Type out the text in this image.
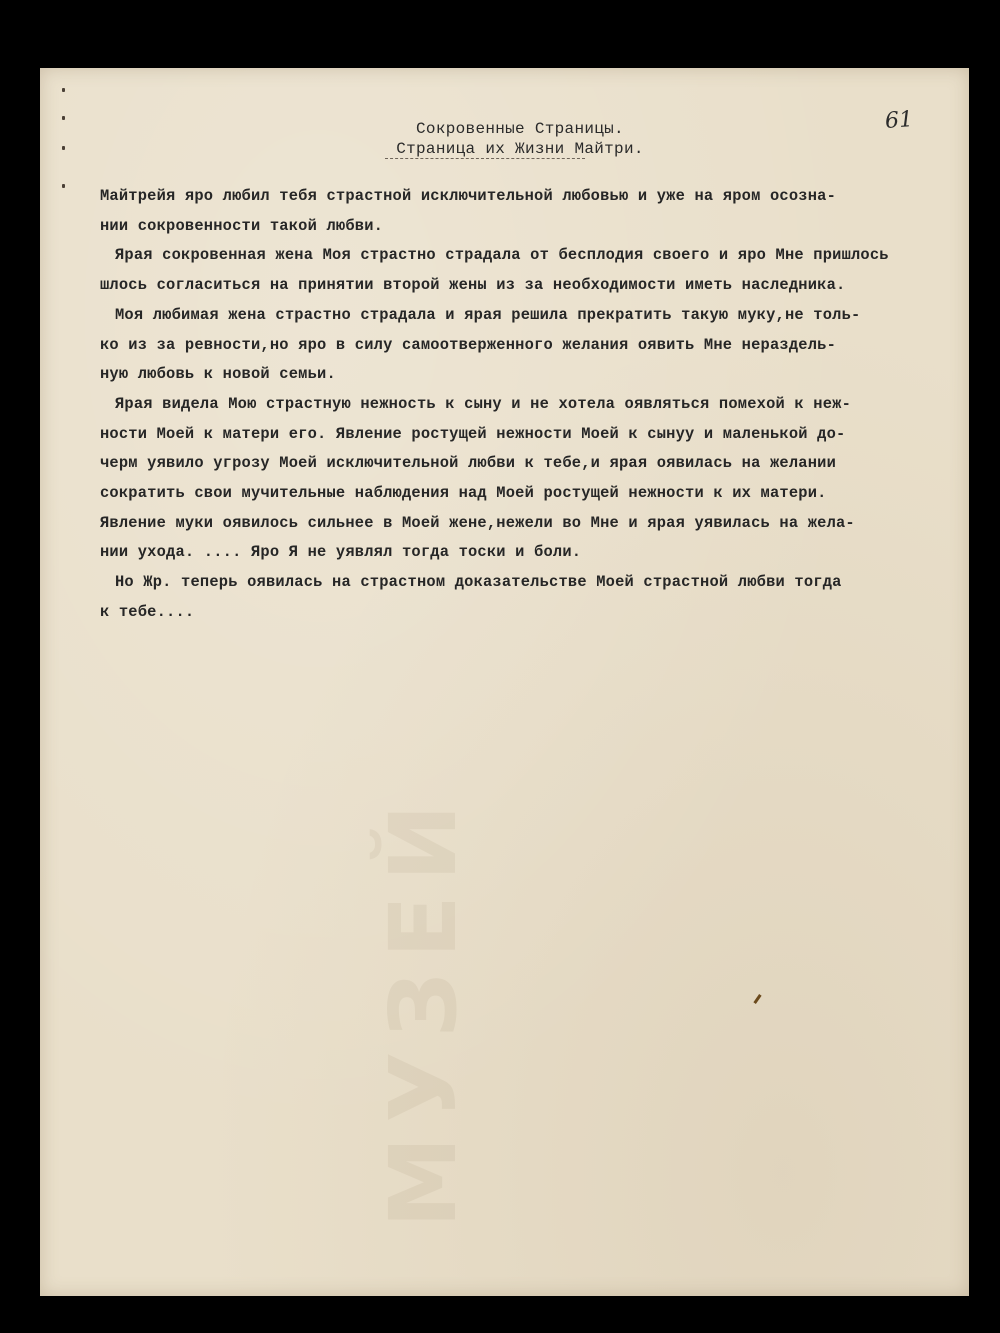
МУЗЕЙ

61

Сокровенные Страницы.

Страница их Жизни Майтри.

Майтрейя яро любил тебя страстной исключительной любовью и уже на яром осозна-
нии сокровенности такой любви.
Ярая сокровенная жена Моя страстно страдала от бесплодия своего и яро Мне пришлось
шлось согласиться на принятии второй жены из за необходимости иметь наследника.
Моя любимая жена страстно страдала и ярая решила прекратить такую муку,не толь-
ко из за ревности,но яро в силу самоотверженного желания оявить Мне нераздель-
ную любовь к новой семьи.
Ярая видела Мою страстную нежность к сыну и не хотела оявляться помехой к неж-
ности Моей к матери его. Явление ростущей нежности Моей к сынуу и маленькой до-
черм уявило угрозу Моей исключительной любви к тебе,и ярая оявилась на желании
сократить свои мучительные наблюдения над Моей ростущей нежности к их матери.
Явление муки оявилось сильнее в Моей жене,нежели во Мне и ярая уявилась на жела-
нии ухода. .... Яро Я не уявлял тогда тоски и боли.
Но Жр. теперь оявилась на страстном доказательстве Моей страстной любви тогда
к тебе....
